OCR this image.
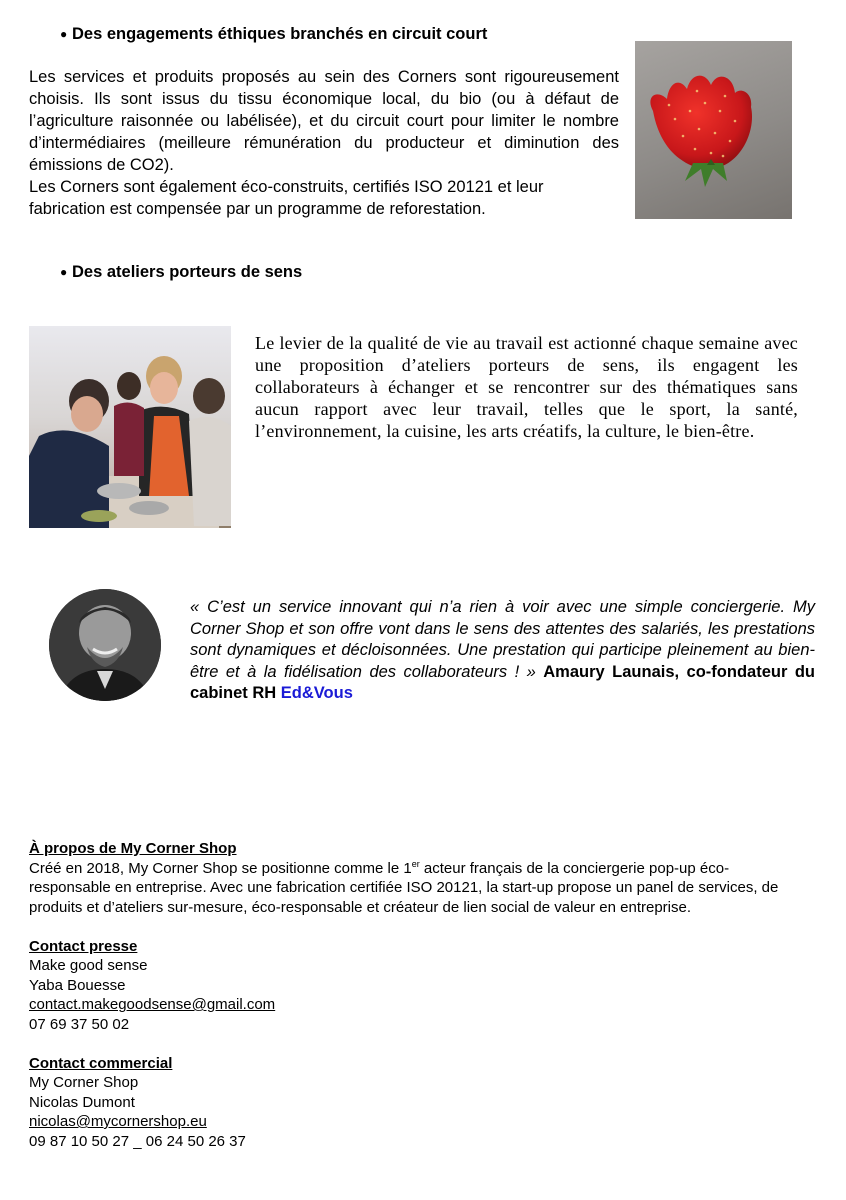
● Des engagements éthiques branchés en circuit court
Les services et produits proposés au sein des Corners sont rigoureusement choisis. Ils sont issus du tissu économique local, du bio (ou à défaut de l’agriculture raisonnée ou labélisée), et du circuit court pour limiter le nombre d’intermédiaires (meilleure rémunération du producteur et diminution des émissions de CO2).
Les Corners sont également éco-construits, certifiés ISO 20121 et leur fabrication est compensée par un programme de reforestation.
● Des ateliers porteurs de sens
Le levier de la qualité de vie au travail est actionné chaque semaine avec une proposition d’ateliers porteurs de sens, ils engagent les collaborateurs à échanger et se rencontrer sur des thématiques sans aucun rapport avec leur travail, telles que le sport, la santé, l’environnement, la cuisine, les arts créatifs, la culture, le bien-être.
« C’est un service innovant qui n’a rien à voir avec une simple conciergerie. My Corner Shop et son offre vont dans le sens des attentes des salariés, les prestations sont dynamiques et décloisonnées. Une prestation qui participe pleinement au bien-être et à la fidélisation des collaborateurs ! » Amaury Launais, co-fondateur du cabinet RH Ed&Vous
À propos de My Corner Shop
Créé en 2018, My Corner Shop se positionne comme le 1er acteur français de la conciergerie pop-up éco-responsable en entreprise. Avec une fabrication certifiée ISO 20121, la start-up propose un panel de services, de produits et d’ateliers sur-mesure, éco-responsable et créateur de lien social de valeur en entreprise.
Contact presse
Make good sense
Yaba Bouesse
contact.makegoodsense@gmail.com
07 69 37 50 02
Contact commercial
My Corner Shop
Nicolas Dumont
nicolas@mycornershop.eu
09 87 10 50 27 _ 06 24 50 26 37
